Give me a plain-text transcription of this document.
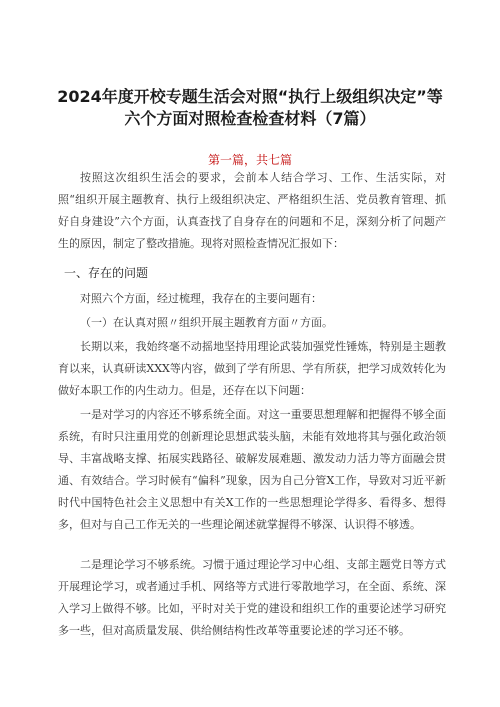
2024年度开校专题生活会对照“执行上级组织决定”等
六个方面对照检查检查材料（7篇）
第一篇，共七篇
按照这次组织生活会的要求，会前本人结合学习、工作、生活实际，对照“组织开展主题教育、执行上级组织决定、严格组织生活、党员教育管理、抓好自身建设”六个方面，认真查找了自身存在的问题和不足，深刻分析了问题产生的原因，制定了整改措施。现将对照检查情况汇报如下：
一、存在的问题
对照六个方面，经过梳理，我存在的主要问题有：
（一）在认真对照〃组织开展主题教育方面〃方面。
长期以来，我始终毫不动摇地坚持用理论武装加强党性锤炼，特别是主题教育以来，认真研读XXX等内容，做到了学有所思、学有所获，把学习成效转化为做好本职工作的内生动力。但是，还存在以下问题：
一是对学习的内容还不够系统全面。对这一重要思想理解和把握得不够全面系统，有时只注重用党的创新理论思想武装头脑，未能有效地将其与强化政治领导、丰富战略支撑、拓展实践路径、破解发展难题、激发动力活力等方面融会贯通、有效结合。学习时候有“偏科”现象，因为自己分管X工作，导致对习近平新时代中国特色社会主义思想中有关X工作的一些思想理论学得多、看得多、想得多，但对与自己工作无关的一些理论阐述就掌握得不够深、认识得不够透。
二是理论学习不够系统。习惯于通过理论学习中心组、支部主题党日等方式开展理论学习，或者通过手机、网络等方式进行零散地学习，在全面、系统、深入学习上做得不够。比如，平时对关于党的建设和组织工作的重要论述学习研究多一些，但对高质量发展、供给侧结构性改革等重要论述的学习还不够。
